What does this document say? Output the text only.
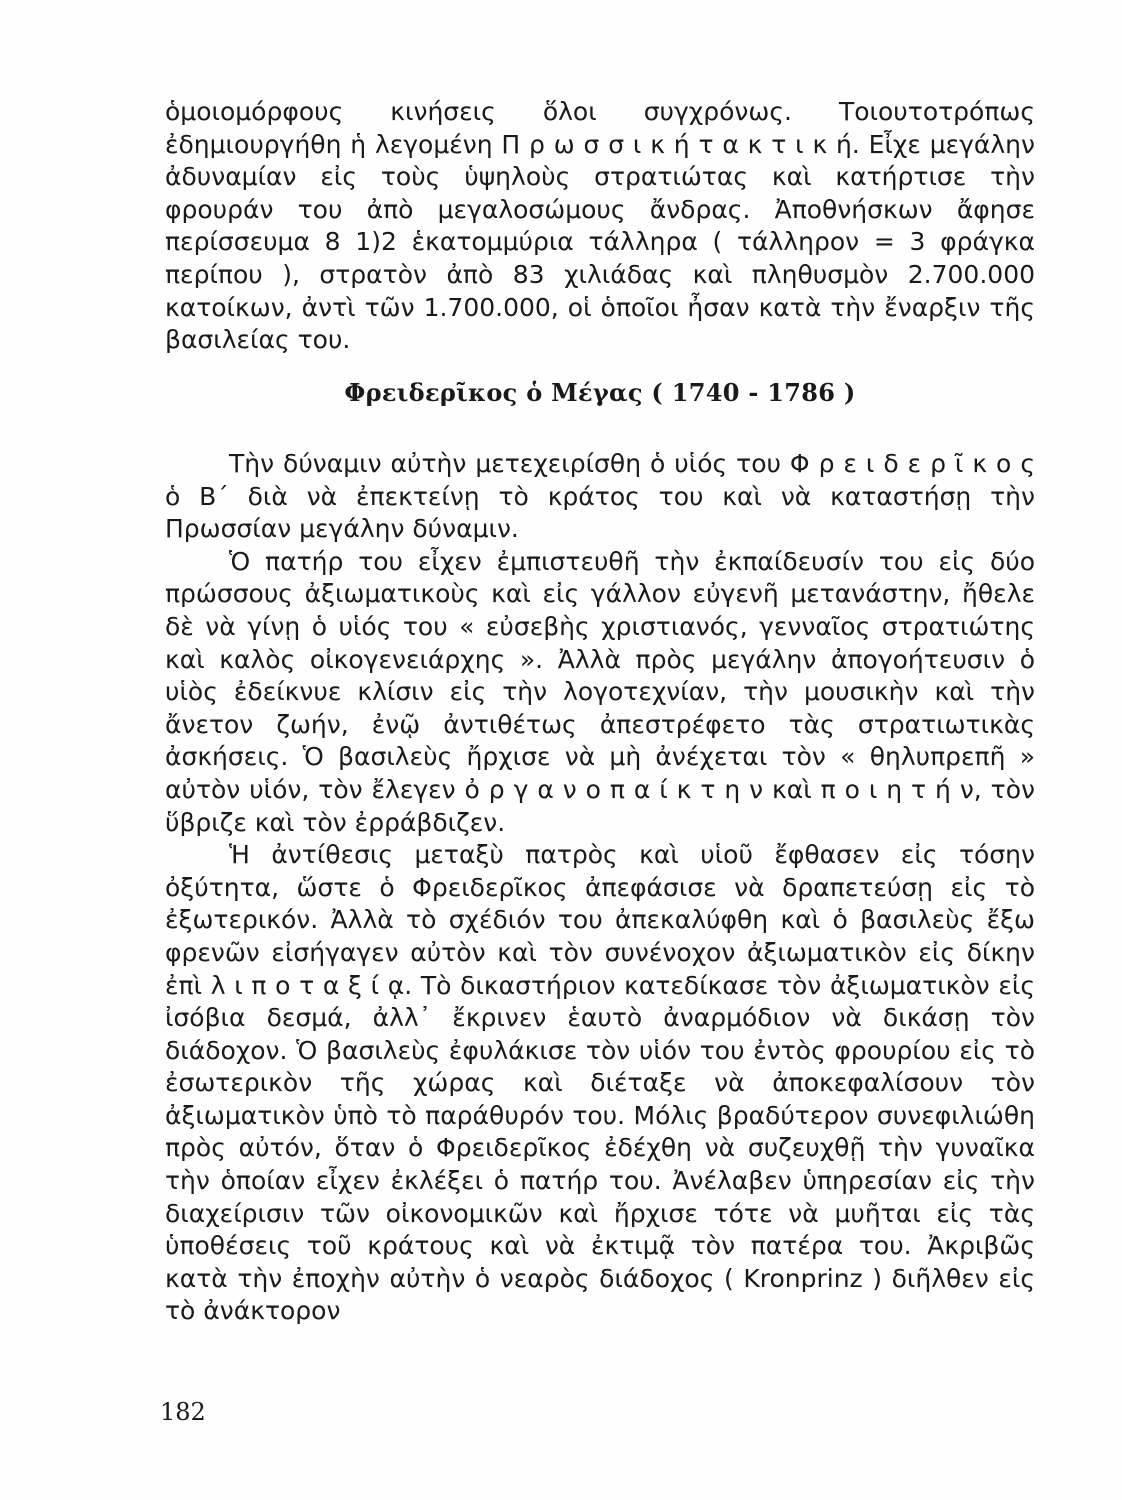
ὁμοιομόρφους κινήσεις ὅλοι συγχρόνως. Τοιουτοτρόπως ἐδημιουργήθη ἡ λεγομένη Π ρ ω σ σ ι κ ή τ α κ τ ι κ ή. Εἶχε μεγάλην ἀδυναμίαν εἰς τοὺς ὑψηλοὺς στρατιώτας καὶ κατήρτισε τὴν φρουράν του ἀπὸ μεγαλοσώμους ἄνδρας. Ἀποθνήσκων ἄφησε περίσσευμα 8 1)2 ἑκατομμύρια τάλληρα ( τάλληρον = 3 φράγκα περίπου ), στρατὸν ἀπὸ 83 χιλιάδας καὶ πληθυσμὸν 2.700.000 κατοίκων, ἀντὶ τῶν 1.700.000, οἱ ὁποῖοι ἦσαν κατὰ τὴν ἔναρξιν τῆς βασιλείας του.

Φρειδερῖκος ὁ Μέγας ( 1740 - 1786 )

Τὴν δύναμιν αὐτὴν μετεχειρίσθη ὁ υἱός του Φ ρ ε ι δ ε ρ ῖ κ ο ς ὁ Β΄ διὰ νὰ ἐπεκτείνῃ τὸ κράτος του καὶ νὰ καταστήσῃ τὴν Πρωσσίαν μεγάλην δύναμιν.

Ὁ πατήρ του εἶχεν ἐμπιστευθῆ τὴν ἐκπαίδευσίν του εἰς δύο πρώσσους ἀξιωματικοὺς καὶ εἰς γάλλον εὐγενῆ μετανάστην, ἤθελε δὲ νὰ γίνῃ ὁ υἱός του « εὐσεβὴς χριστιανός, γενναῖος στρατιώτης καὶ καλὸς οἰκογενειάρχης ». Ἀλλὰ πρὸς μεγάλην ἀπογοήτευσιν ὁ υἱὸς ἐδείκνυε κλίσιν εἰς τὴν λογοτεχνίαν, τὴν μουσικὴν καὶ τὴν ἄνετον ζωήν, ἐνῷ ἀντιθέτως ἀπεστρέφετο τὰς στρατιωτικὰς ἀσκήσεις. Ὁ βασιλεὺς ἤρχισε νὰ μὴ ἀνέχεται τὸν « θηλυπρεπῆ » αὐτὸν υἱόν, τὸν ἔλεγεν ὀ ρ γ α ν ο π α ί κ τ η ν καὶ π ο ι η τ ή ν, τὸν ὕβριζε καὶ τὸν ἐρράβδιζεν.

Ἡ ἀντίθεσις μεταξὺ πατρὸς καὶ υἱοῦ ἔφθασεν εἰς τόσην ὀξύτητα, ὥστε ὁ Φρειδερῖκος ἀπεφάσισε νὰ δραπετεύσῃ εἰς τὸ ἐξωτερικόν. Ἀλλὰ τὸ σχέδιόν του ἀπεκαλύφθη καὶ ὁ βασιλεὺς ἔξω φρενῶν εἰσήγαγεν αὐτὸν καὶ τὸν συνένοχον ἀξιωματικὸν εἰς δίκην ἐπὶ λ ι π ο τ α ξ ί ᾳ. Τὸ δικαστήριον κατεδίκασε τὸν ἀξιωματικὸν εἰς ἰσόβια δεσμά, ἀλλ᾽ ἔκρινεν ἑαυτὸ ἀναρμόδιον νὰ δικάσῃ τὸν διάδοχον. Ὁ βασιλεὺς ἐφυλάκισε τὸν υἱόν του ἐντὸς φρουρίου εἰς τὸ ἐσωτερικὸν τῆς χώρας καὶ διέταξε νὰ ἀποκεφαλίσουν τὸν ἀξιωματικὸν ὑπὸ τὸ παράθυρόν του. Μόλις βραδύτερον συνεφιλιώθη πρὸς αὐτόν, ὅταν ὁ Φρειδερῖκος ἐδέχθη νὰ συζευχθῇ τὴν γυναῖκα τὴν ὁποίαν εἶχεν ἐκλέξει ὁ πατήρ του. Ἀνέλαβεν ὑπηρεσίαν εἰς τὴν διαχείρισιν τῶν οἰκονομικῶν καὶ ἤρχισε τότε νὰ μυῆται εἰς τὰς ὑποθέσεις τοῦ κράτους καὶ νὰ ἐκτιμᾷ τὸν πατέρα του. Ἀκριβῶς κατὰ τὴν ἐποχὴν αὐτὴν ὁ νεαρὸς διάδοχος ( Kronprinz ) διῆλθεν εἰς τὸ ἀνάκτορον

182
